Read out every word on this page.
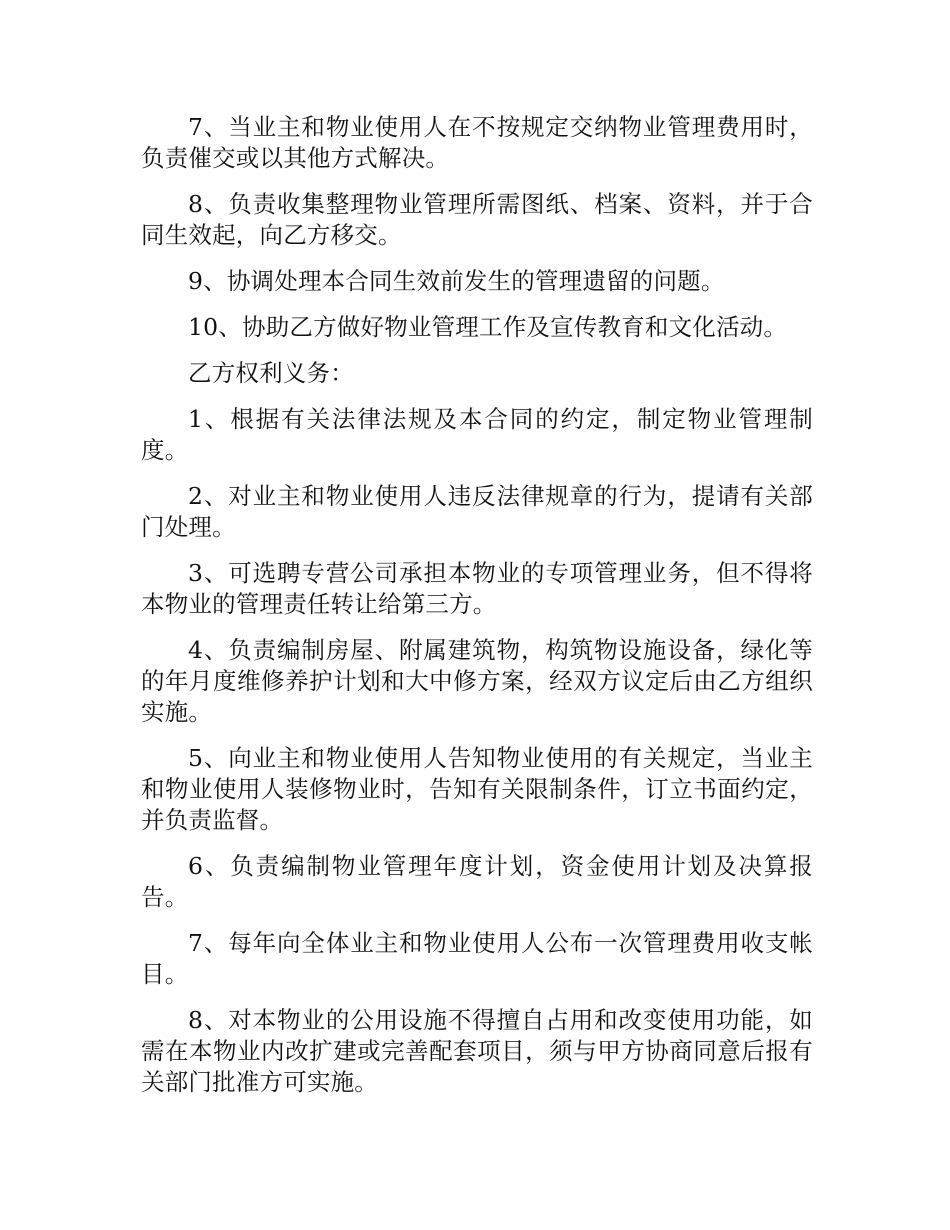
7、当业主和物业使用人在不按规定交纳物业管理费用时，负责催交或以其他方式解决。

8、负责收集整理物业管理所需图纸、档案、资料，并于合同生效起，向乙方移交。

9、协调处理本合同生效前发生的管理遗留的问题。

10、协助乙方做好物业管理工作及宣传教育和文化活动。

乙方权利义务：

1、根据有关法律法规及本合同的约定，制定物业管理制度。

2、对业主和物业使用人违反法律规章的行为，提请有关部门处理。

3、可选聘专营公司承担本物业的专项管理业务，但不得将本物业的管理责任转让给第三方。

4、负责编制房屋、附属建筑物，构筑物设施设备，绿化等的年月度维修养护计划和大中修方案，经双方议定后由乙方组织实施。

5、向业主和物业使用人告知物业使用的有关规定，当业主和物业使用人装修物业时，告知有关限制条件，订立书面约定，并负责监督。

6、负责编制物业管理年度计划，资金使用计划及决算报告。

7、每年向全体业主和物业使用人公布一次管理费用收支帐目。

8、对本物业的公用设施不得擅自占用和改变使用功能，如需在本物业内改扩建或完善配套项目，须与甲方协商同意后报有关部门批准方可实施。
